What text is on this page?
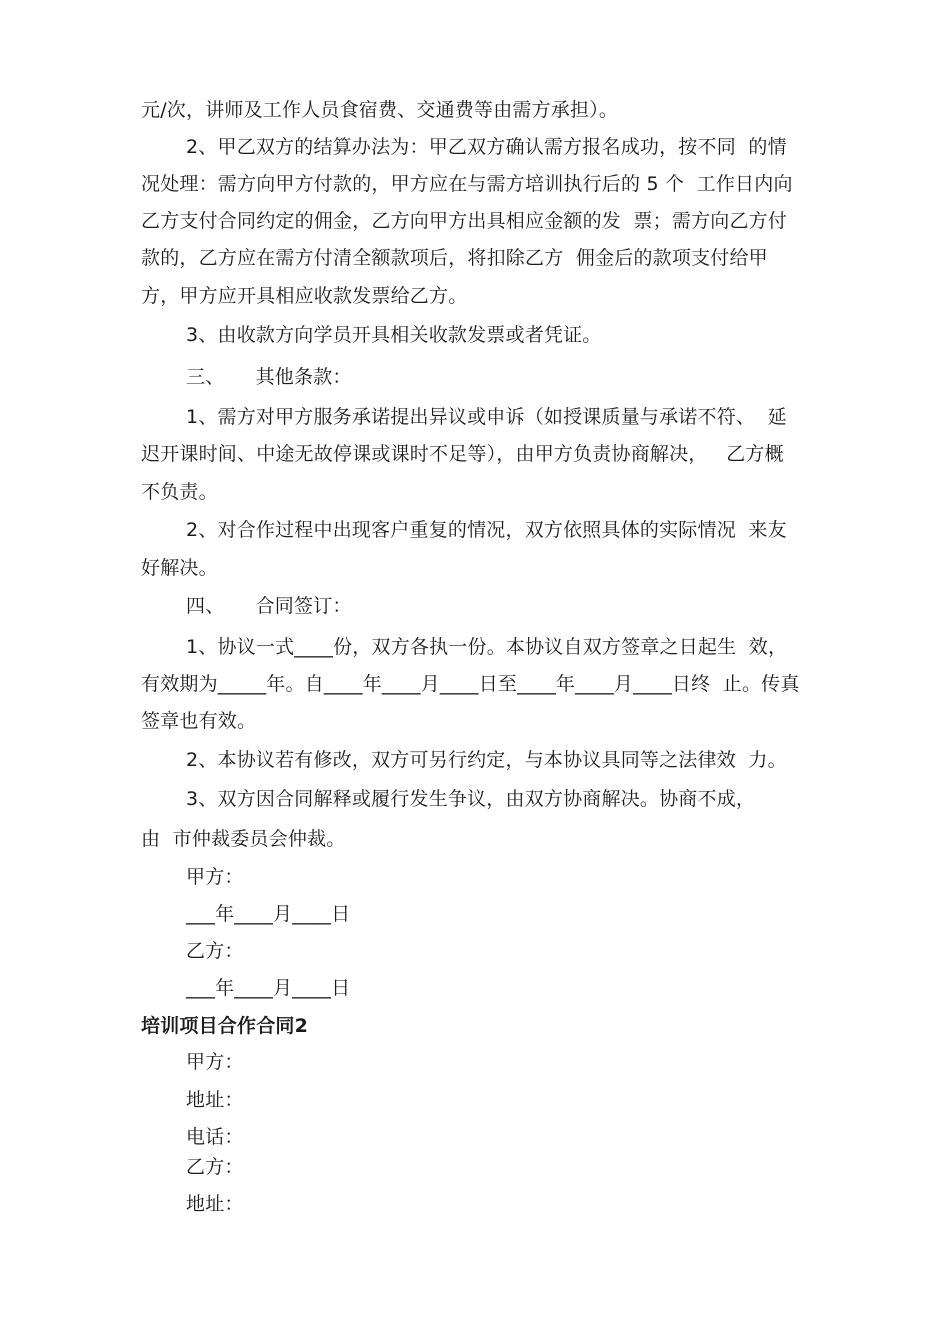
元/次，讲师及工作人员食宿费、交通费等由需方承担）。
2、甲乙双方的结算办法为：甲乙双方确认需方报名成功，按不同  的情
况处理：需方向甲方付款的，甲方应在与需方培训执行后的 5 个  工作日内向
乙方支付合同约定的佣金，乙方向甲方出具相应金额的发  票；需方向乙方付
款的，乙方应在需方付清全额款项后，将扣除乙方  佣金后的款项支付给甲
方，甲方应开具相应收款发票给乙方。
3、由收款方向学员开具相关收款发票或者凭证。
三、     其他条款：
1、需方对甲方服务承诺提出异议或申诉（如授课质量与承诺不符、  延
迟开课时间、中途无故停课或课时不足等），由甲方负责协商解决，   乙方概
不负责。
2、对合作过程中出现客户重复的情况，双方依照具体的实际情况  来友
好解决。
四、     合同签订：
1、协议一式____份，双方各执一份。本协议自双方签章之日起生  效，
有效期为_____年。自____年____月____日至____年____月____日终  止。传真
签章也有效。
2、本协议若有修改，双方可另行约定，与本协议具同等之法律效  力。
3、双方因合同解释或履行发生争议，由双方协商解决。协商不成，
由  市仲裁委员会仲裁。
甲方：
___年____月____日
乙方：
___年____月____日
培训项目合作合同2
甲方：
地址：
电话：
乙方：
地址：
